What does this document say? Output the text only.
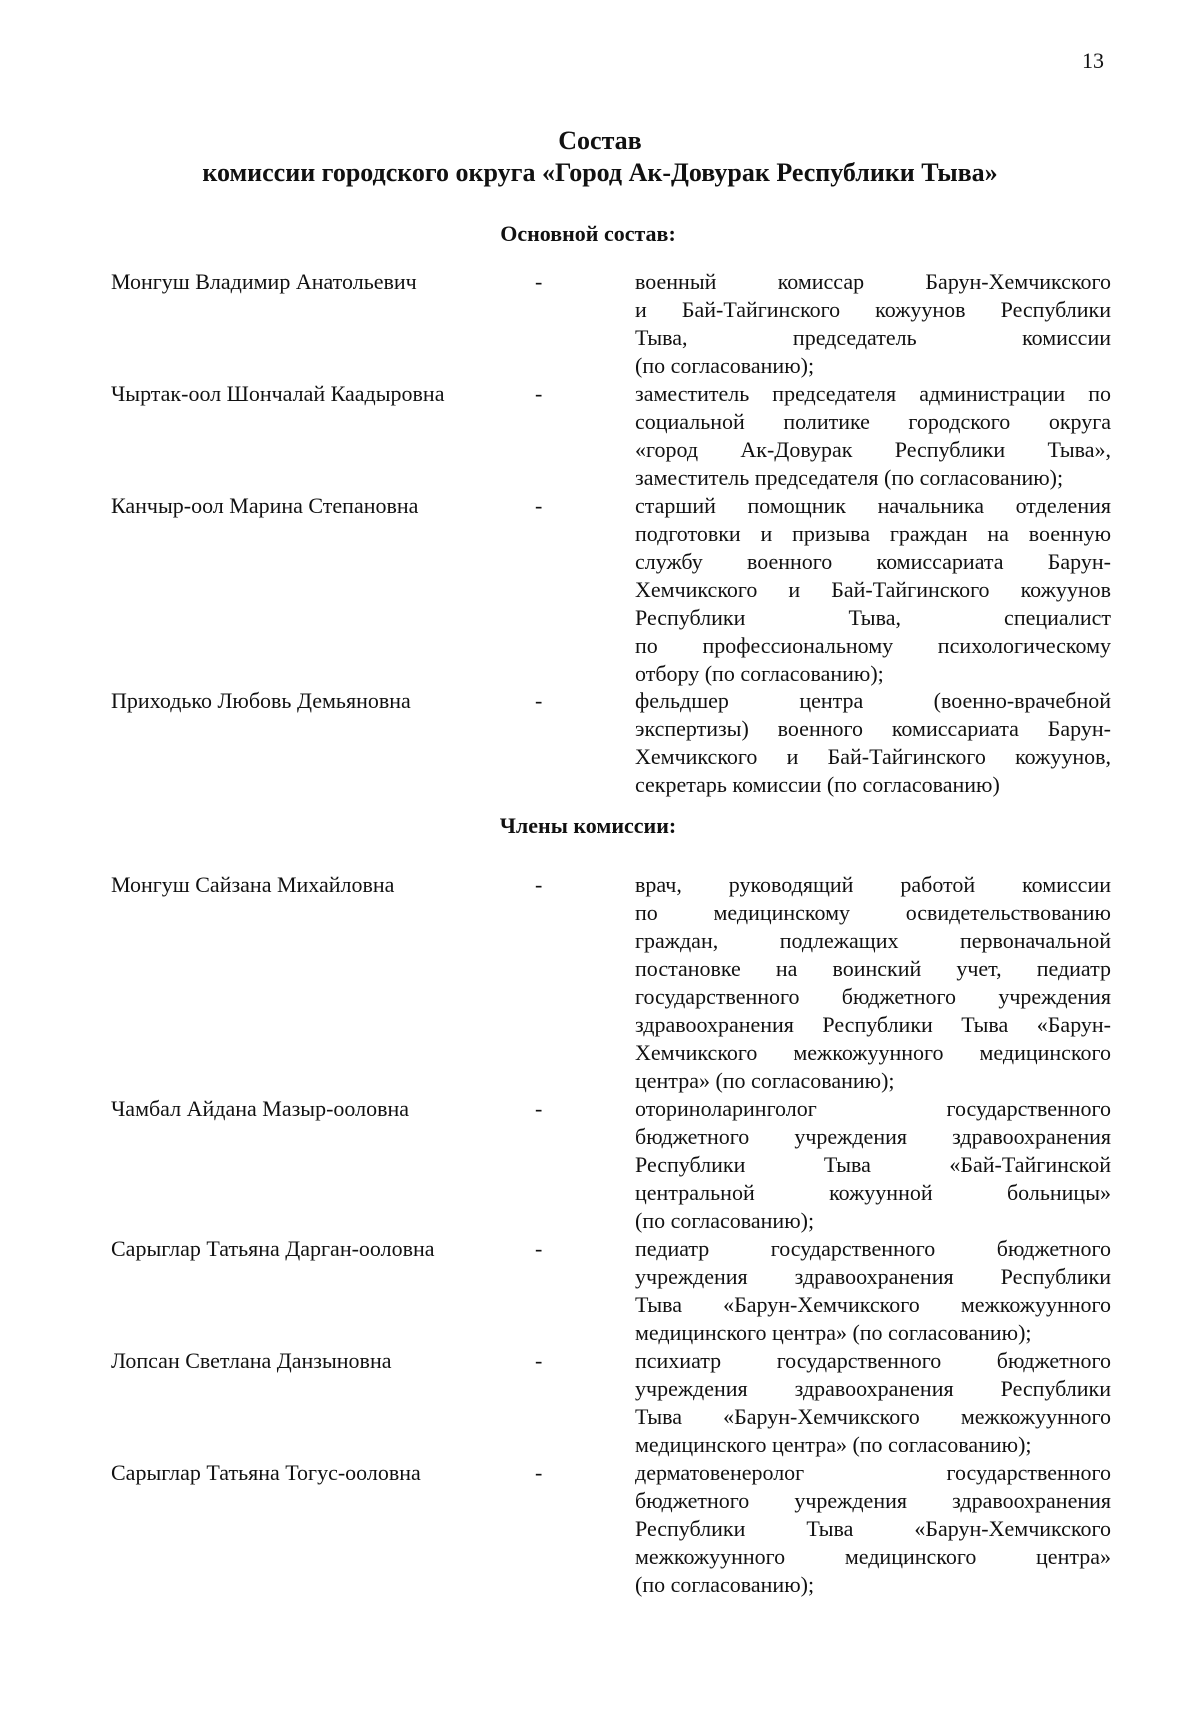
13
Состав
комиссии городского округа «Город Ак-Довурак Республики Тыва»
Основной состав:
Монгуш Владимир Анатольевич	-	военный комиссар Барун-Хемчикского
и Бай-Тайгинского кожуунов Республики
Тыва, председатель комиссии
(по согласованию);
Чыртак-оол Шончалай Каадыровна	-	заместитель председателя администрации по
социальной политике городского округа
«город Ак-Довурак Республики Тыва»,
заместитель председателя (по согласованию);
Канчыр-оол Марина Степановна	-	старший помощник начальника отделения
подготовки и призыва граждан на военную
службу военного комиссариата Барун-
Хемчикского и Бай-Тайгинского кожуунов
Республики Тыва, специалист
по профессиональному психологическому
отбору (по согласованию);
Приходько Любовь Демьяновна	-	фельдшер центра (военно-врачебной
экспертизы) военного комиссариата Барун-
Хемчикского и Бай-Тайгинского кожуунов,
секретарь комиссии (по согласованию)
Члены комиссии:
Монгуш Сайзана Михайловна	-	врач, руководящий работой комиссии
по медицинскому освидетельствованию
граждан, подлежащих первоначальной
постановке на воинский учет, педиатр
государственного бюджетного учреждения
здравоохранения Республики Тыва «Барун-
Хемчикского межкожуунного медицинского
центра» (по согласованию);
Чамбал Айдана Мазыр-ооловна	-	оториноларинголог государственного
бюджетного учреждения здравоохранения
Республики Тыва «Бай-Тайгинской
центральной кожуунной больницы»
(по согласованию);
Сарыглар Татьяна Дарган-ооловна	-	педиатр государственного бюджетного
учреждения здравоохранения Республики
Тыва «Барун-Хемчикского межкожуунного
медицинского центра» (по согласованию);
Лопсан Светлана Данзыновна	-	психиатр государственного бюджетного
учреждения здравоохранения Республики
Тыва «Барун-Хемчикского межкожуунного
медицинского центра» (по согласованию);
Сарыглар Татьяна Тогус-ооловна	-	дерматовенеролог государственного
бюджетного учреждения здравоохранения
Республики Тыва «Барун-Хемчикского
межкожуунного медицинского центра»
(по согласованию);
